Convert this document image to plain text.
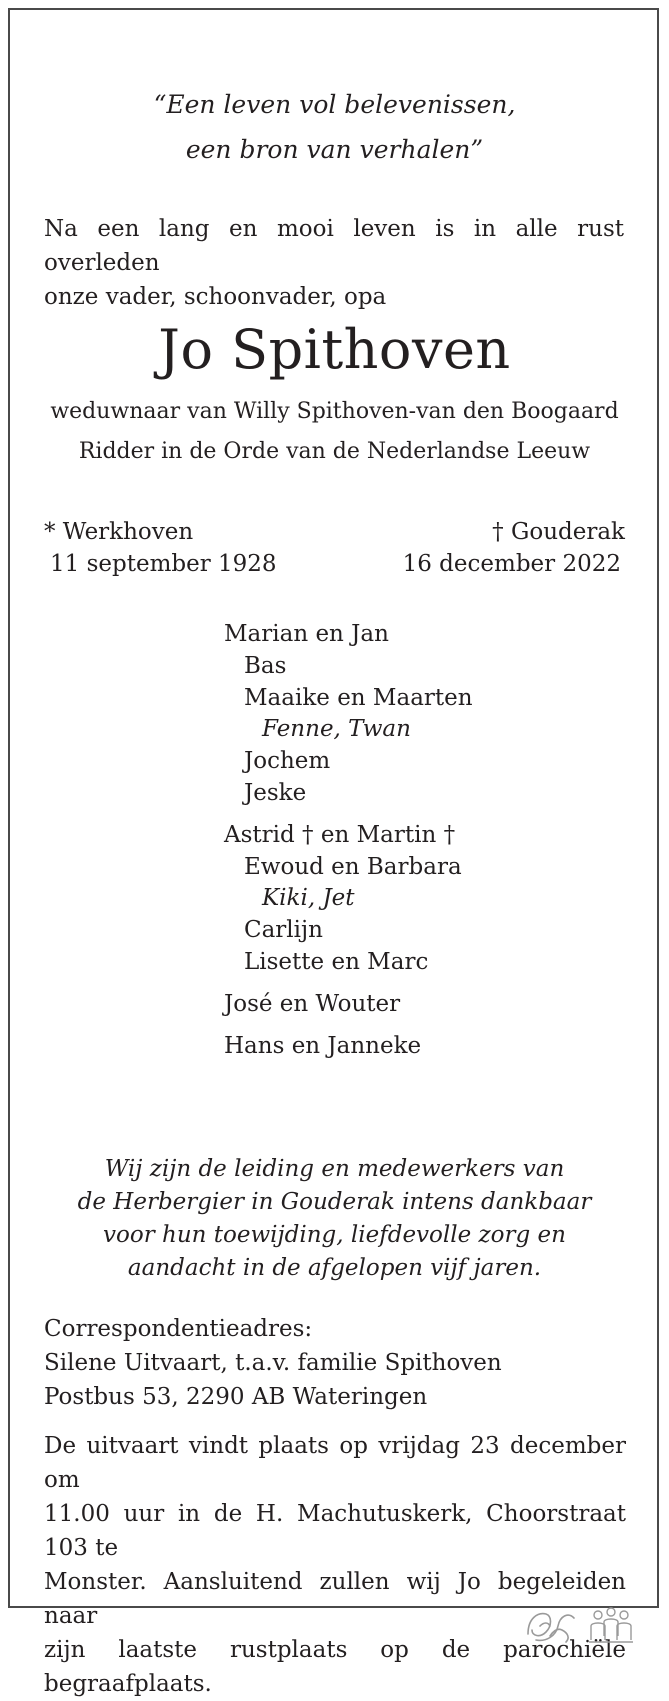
“Een leven vol belevenissen,
een bron van verhalen”
Na een lang en mooi leven is in alle rust overleden
onze vader, schoonvader, opa
Jo Spithoven
weduwnaar van Willy Spithoven-van den Boogaard
Ridder in de Orde van de Nederlandse Leeuw
* Werkhoven
11 september 1928
† Gouderak
16 december 2022
Marian en Jan
Bas
Maaike en Maarten
Fenne, Twan
Jochem
Jeske
Astrid † en Martin †
Ewoud en Barbara
Kiki, Jet
Carlijn
Lisette en Marc
José en Wouter
Hans en Janneke
Wij zijn de leiding en medewerkers van
de Herbergier in Gouderak intens dankbaar
voor hun toewijding, liefdevolle zorg en
aandacht in de afgelopen vijf jaren.
Correspondentieadres:
Silene Uitvaart, t.a.v. familie Spithoven
Postbus 53, 2290 AB Wateringen
De uitvaart vindt plaats op vrijdag 23 december om
11.00 uur in de H. Machutuskerk, Choorstraat 103 te
Monster. Aansluitend zullen wij Jo begeleiden naar
zijn laatste rustplaats op de parochiële begraafplaats.
